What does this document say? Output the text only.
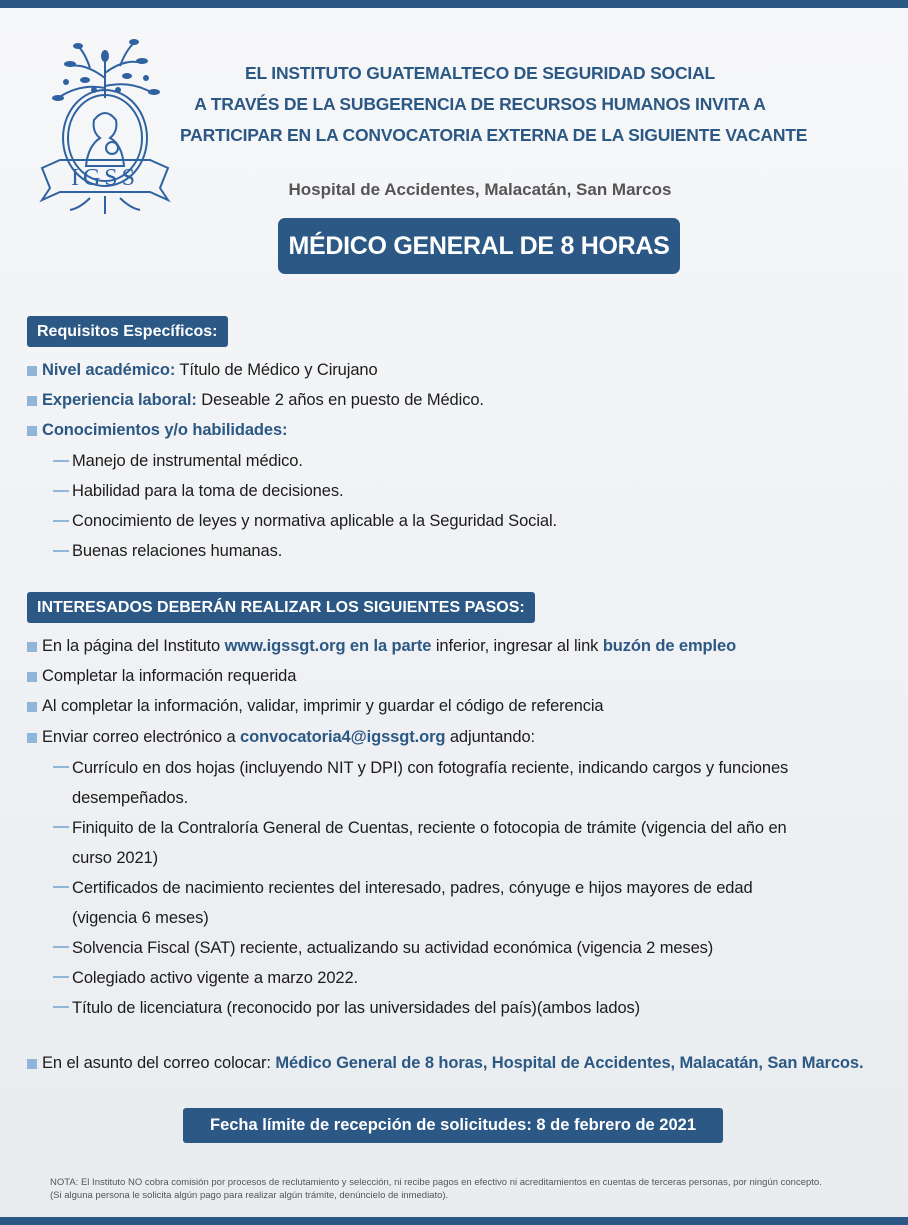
IGSS
EL INSTITUTO GUATEMALTECO DE SEGURIDAD SOCIAL
A TRAVÉS DE LA SUBGERENCIA DE RECURSOS HUMANOS INVITA A
PARTICIPAR EN LA CONVOCATORIA EXTERNA DE LA SIGUIENTE VACANTE
Hospital de Accidentes, Malacatán, San Marcos
MÉDICO GENERAL DE 8 HORAS
Requisitos Específicos:
Nivel académico: Título de Médico y Cirujano
Experiencia laboral: Deseable 2 años en puesto de Médico.
Conocimientos y/o habilidades:
Manejo de instrumental médico.
Habilidad para la toma de decisiones.
Conocimiento de leyes y normativa aplicable a la Seguridad Social.
Buenas relaciones humanas.
INTERESADOS DEBERÁN REALIZAR LOS SIGUIENTES PASOS:
En la página del Instituto www.igssgt.org en la parte inferior, ingresar al link buzón de empleo
Completar la información requerida
Al completar la información, validar, imprimir y guardar el código de referencia
Enviar correo electrónico a convocatoria4@igssgt.org adjuntando:
Currículo en dos hojas (incluyendo NIT y DPI) con fotografía reciente, indicando cargos y funciones
desempeñados.
Finiquito de la Contraloría General de Cuentas, reciente o fotocopia de trámite (vigencia del año en
curso 2021)
Certificados de nacimiento recientes del interesado, padres, cónyuge e hijos mayores de edad
(vigencia 6 meses)
Solvencia Fiscal (SAT) reciente, actualizando su actividad económica (vigencia 2 meses)
Colegiado activo vigente a marzo 2022.
Título de licenciatura (reconocido por las universidades del país)(ambos lados)
En el asunto del correo colocar: Médico General de 8 horas, Hospital de Accidentes, Malacatán, San Marcos.
Fecha límite de recepción de solicitudes: 8 de febrero de 2021
NOTA: El Instituto NO cobra comisión por procesos de reclutamiento y selección, ni recibe pagos en efectivo ni acreditamientos en cuentas de terceras personas, por ningún concepto.
(Si alguna persona le solicita algún pago para realizar algún trámite, denúncielo de inmediato).
